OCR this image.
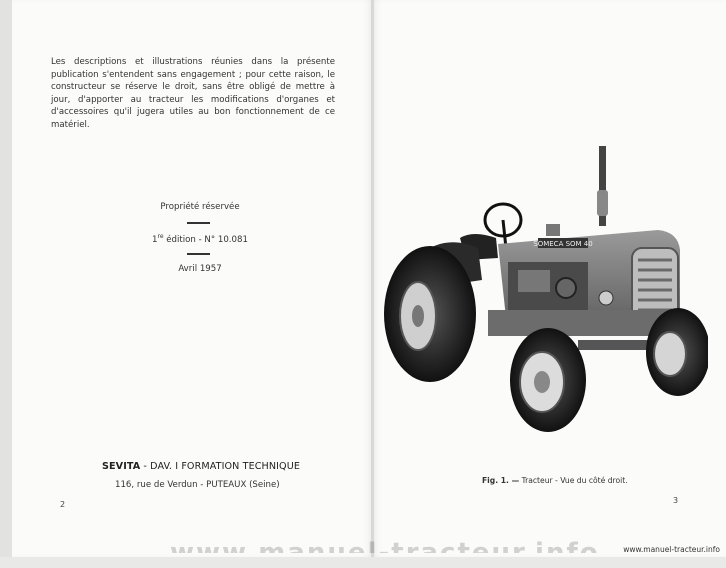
Les descriptions et illustrations réunies dans la présente publication s'entendent sans engagement ; pour cette raison, le constructeur se réserve le droit, sans être obligé de mettre à jour, d'apporter au tracteur les modifications d'organes et d'accessoires qu'il jugera utiles au bon fonctionnement de ce matériel.
Propriété réservée
1re édition - N° 10.081
Avril 1957
SEVITA - DAV. I FORMATION TECHNIQUE
116, rue de Verdun - PUTEAUX (Seine)
2
SOMECA SOM 40
Fig. 1. — Tracteur - Vue du côté droit.
3
www.manuel-tracteur.info
